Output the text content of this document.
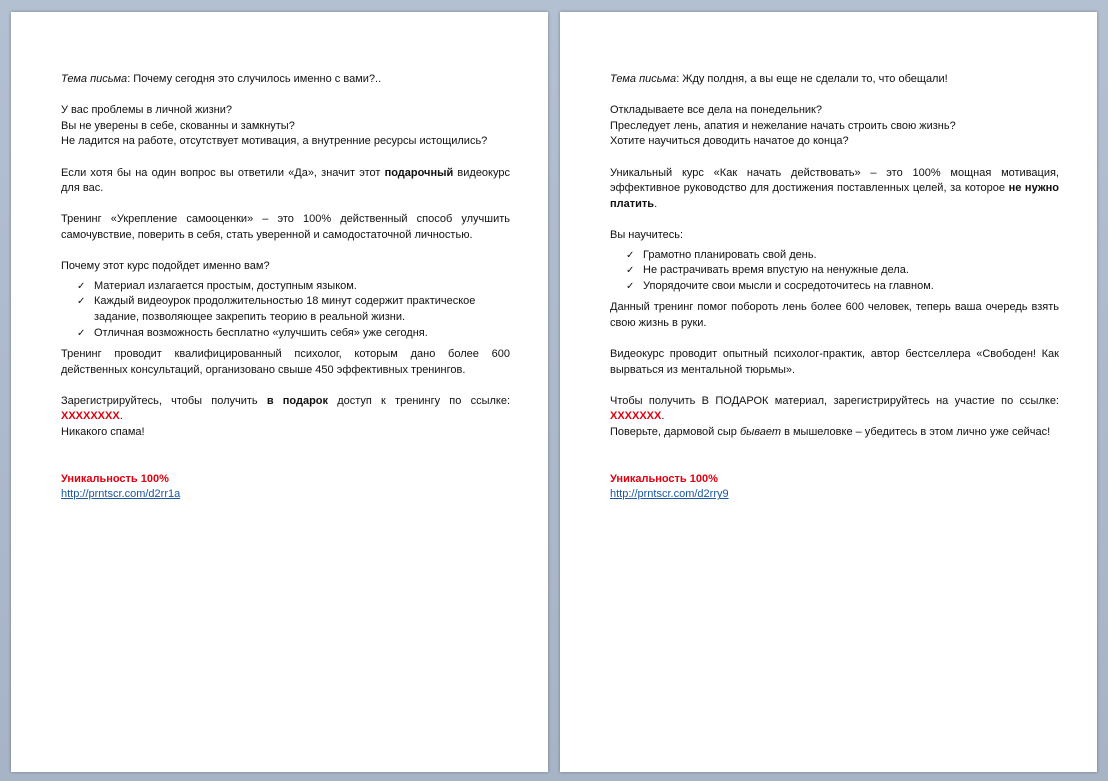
Тема письма: Почему сегодня это случилось именно с вами?..

У вас проблемы в личной жизни?

Вы не уверены в себе, скованны и замкнуты?

Не ладится на работе, отсутствует мотивация, а внутренние ресурсы истощились?

Если хотя бы на один вопрос вы ответили «Да», значит этот подарочный видеокурс для вас.

Тренинг «Укрепление самооценки» – это 100% действенный способ улучшить самочувствие, поверить в себя, стать уверенной и самодостаточной личностью.

Почему этот курс подойдет именно вам?

✓ Материал излагается простым, доступным языком.
✓ Каждый видеоурок продолжительностью 18 минут содержит практическое задание, позволяющее закрепить теорию в реальной жизни.
✓ Отличная возможность бесплатно «улучшить себя» уже сегодня.

Тренинг проводит квалифицированный психолог, которым дано более 600 действенных консультаций, организовано свыше 450 эффективных тренингов.

Зарегистрируйтесь, чтобы получить в подарок доступ к тренингу по ссылке: XXXXXXXX.

Никакого спама!

Уникальность 100%

http://prntscr.com/d2rr1a

Тема письма: Жду полдня, а вы еще не сделали то, что обещали!

Откладываете все дела на понедельник?

Преследует лень, апатия и нежелание начать строить свою жизнь?

Хотите научиться доводить начатое до конца?

Уникальный курс «Как начать действовать» – это 100% мощная мотивация, эффективное руководство для достижения поставленных целей, за которое не нужно платить.

Вы научитесь:

✓ Грамотно планировать свой день.
✓ Не растрачивать время впустую на ненужные дела.
✓ Упорядочите свои мысли и сосредоточитесь на главном.

Данный тренинг помог побороть лень более 600 человек, теперь ваша очередь взять свою жизнь в руки.

Видеокурс проводит опытный психолог-практик, автор бестселлера «Свободен! Как вырваться из ментальной тюрьмы».

Чтобы получить В ПОДАРОК материал, зарегистрируйтесь на участие по ссылке: XXXXXXX.

Поверьте, дармовой сыр бывает в мышеловке – убедитесь в этом лично уже сейчас!

Уникальность 100%

http://prntscr.com/d2rry9
